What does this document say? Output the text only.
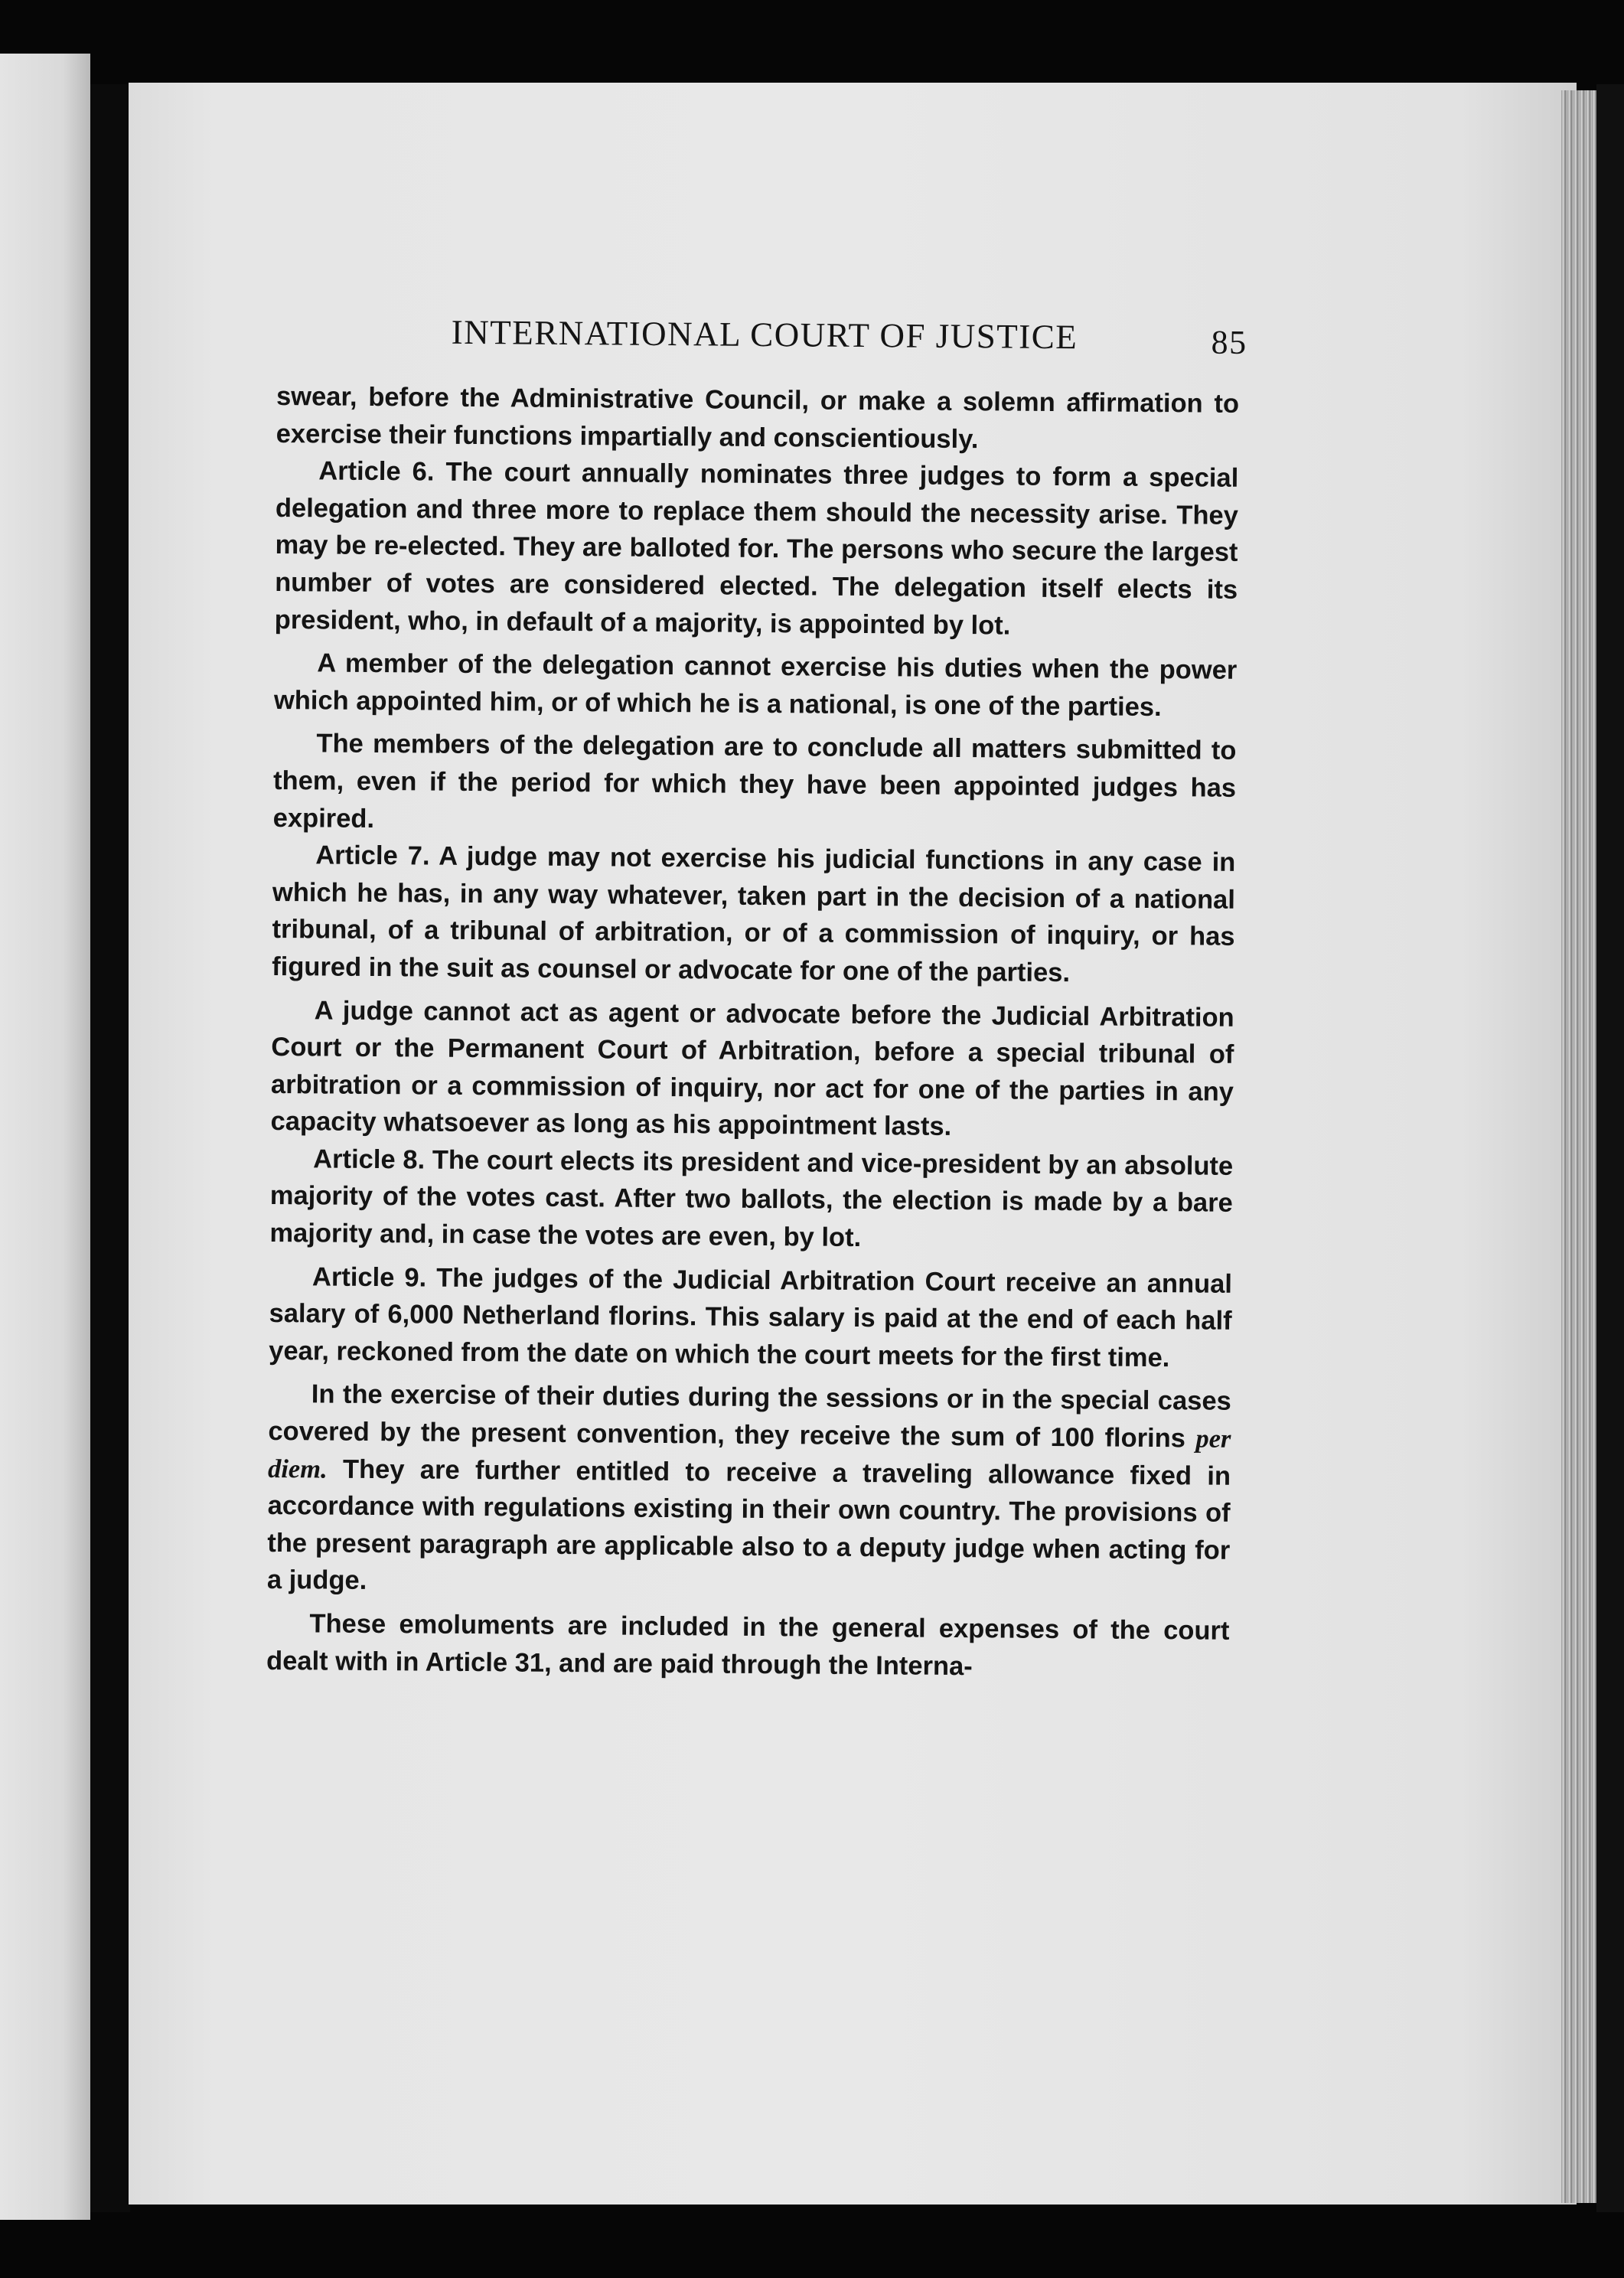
INTERNATIONAL COURT OF JUSTICE	85

swear, before the Administrative Council, or make a solemn affirmation to exercise their functions impartially and conscientiously.

Article 6. The court annually nominates three judges to form a special delegation and three more to replace them should the necessity arise. They may be re-elected. They are balloted for. The persons who secure the largest number of votes are considered elected. The delegation itself elects its president, who, in default of a majority, is appointed by lot.

A member of the delegation cannot exercise his duties when the power which appointed him, or of which he is a national, is one of the parties.

The members of the delegation are to conclude all matters submitted to them, even if the period for which they have been appointed judges has expired.

Article 7. A judge may not exercise his judicial functions in any case in which he has, in any way whatever, taken part in the decision of a national tribunal, of a tribunal of arbitration, or of a commission of inquiry, or has figured in the suit as counsel or advocate for one of the parties.

A judge cannot act as agent or advocate before the Judicial Arbitration Court or the Permanent Court of Arbitration, before a special tribunal of arbitration or a commission of inquiry, nor act for one of the parties in any capacity whatsoever as long as his appointment lasts.

Article 8. The court elects its president and vice-president by an absolute majority of the votes cast. After two ballots, the election is made by a bare majority and, in case the votes are even, by lot.

Article 9. The judges of the Judicial Arbitration Court receive an annual salary of 6,000 Netherland florins. This salary is paid at the end of each half year, reckoned from the date on which the court meets for the first time.

In the exercise of their duties during the sessions or in the special cases covered by the present convention, they receive the sum of 100 florins per diem. They are further entitled to receive a traveling allowance fixed in accordance with regulations existing in their own country. The provisions of the present paragraph are applicable also to a deputy judge when acting for a judge.

These emoluments are included in the general expenses of the court dealt with in Article 31, and are paid through the Interna-
